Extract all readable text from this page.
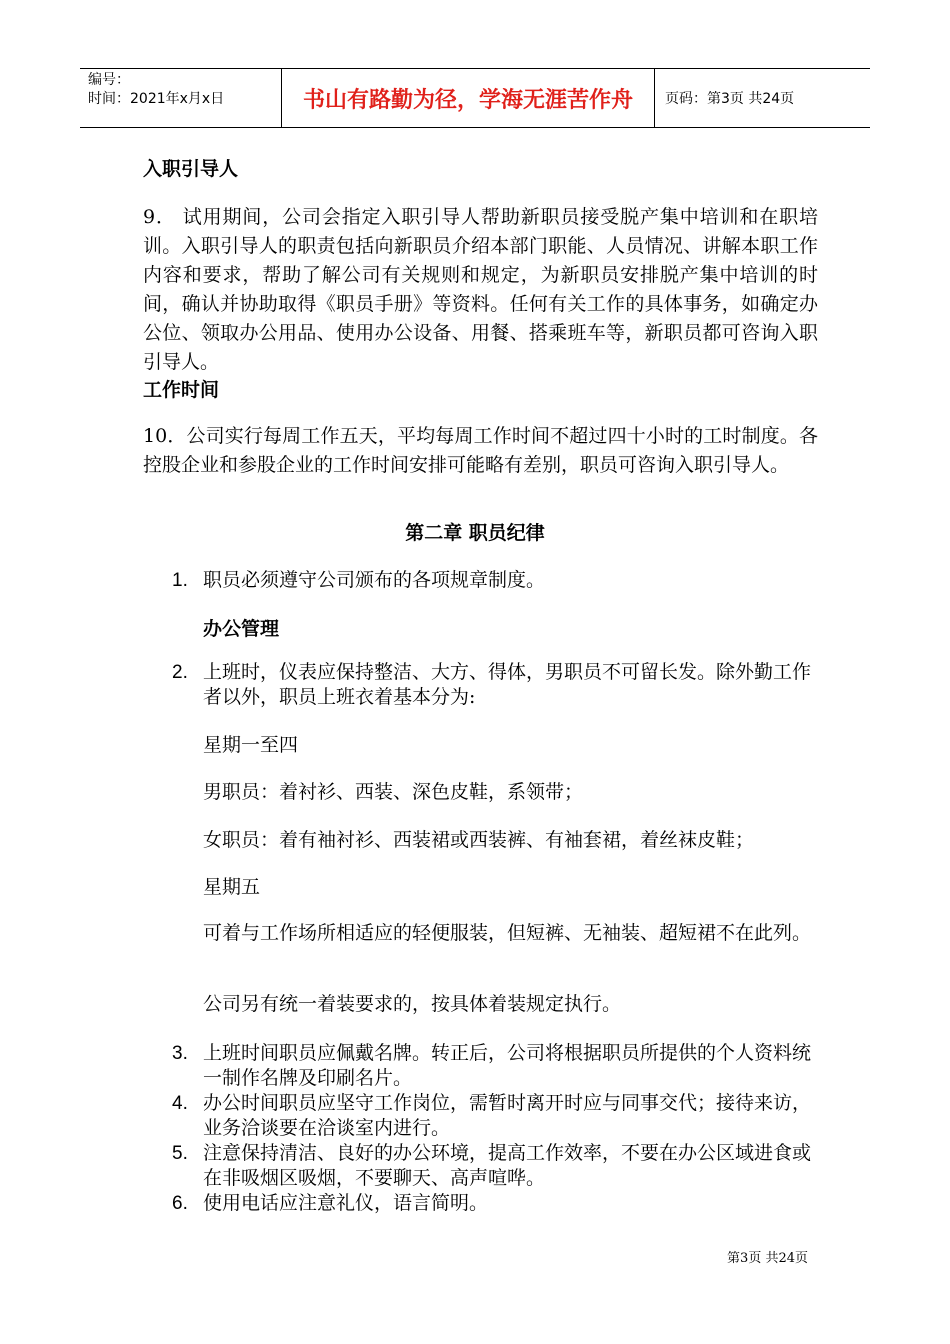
编号：
时间：2021年x月x日	书山有路勤为径，学海无涯苦作舟	页码：第3页 共24页
入职引导人
9． 试用期间，公司会指定入职引导人帮助新职员接受脱产集中培训和在职培训。入职引导人的职责包括向新职员介绍本部门职能、人员情况、讲解本职工作内容和要求，帮助了解公司有关规则和规定，为新职员安排脱产集中培训的时间，确认并协助取得《职员手册》等资料。任何有关工作的具体事务，如确定办公位、领取办公用品、使用办公设备、用餐、搭乘班车等，新职员都可咨询入职引导人。
工作时间
10．公司实行每周工作五天，平均每周工作时间不超过四十小时的工时制度。各控股企业和参股企业的工作时间安排可能略有差别，职员可咨询入职引导人。
第二章 职员纪律
1. 职员必须遵守公司颁布的各项规章制度。
办公管理
2. 上班时，仪表应保持整洁、大方、得体，男职员不可留长发。除外勤工作者以外，职员上班衣着基本分为:
星期一至四
男职员：着衬衫、西装、深色皮鞋，系领带；
女职员：着有袖衬衫、西装裙或西装裤、有袖套裙，着丝袜皮鞋；
星期五
可着与工作场所相适应的轻便服装，但短裤、无袖装、超短裙不在此列。
公司另有统一着装要求的，按具体着装规定执行。
3. 上班时间职员应佩戴名牌。转正后，公司将根据职员所提供的个人资料统一制作名牌及印刷名片。
4. 办公时间职员应坚守工作岗位，需暂时离开时应与同事交代；接待来访，业务洽谈要在洽谈室内进行。
5. 注意保持清洁、良好的办公环境，提高工作效率，不要在办公区域进食或在非吸烟区吸烟，不要聊天、高声喧哗。
6. 使用电话应注意礼仪，语言简明。
第3页 共24页
